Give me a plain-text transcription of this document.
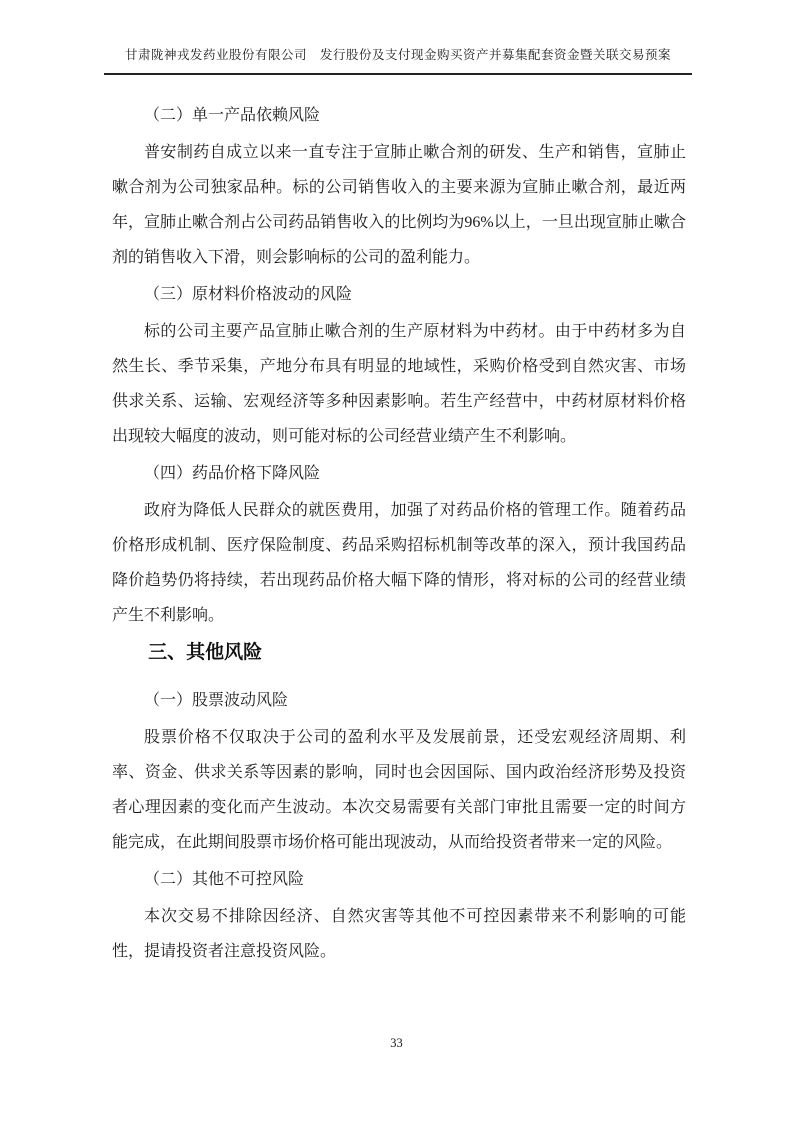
甘肃陇神戎发药业股份有限公司　发行股份及支付现金购买资产并募集配套资金暨关联交易预案
（二）单一产品依赖风险
普安制药自成立以来一直专注于宣肺止嗽合剂的研发、生产和销售，宣肺止嗽合剂为公司独家品种。标的公司销售收入的主要来源为宣肺止嗽合剂，最近两年，宣肺止嗽合剂占公司药品销售收入的比例均为96%以上，一旦出现宣肺止嗽合剂的销售收入下滑，则会影响标的公司的盈利能力。
（三）原材料价格波动的风险
标的公司主要产品宣肺止嗽合剂的生产原材料为中药材。由于中药材多为自然生长、季节采集，产地分布具有明显的地域性，采购价格受到自然灾害、市场供求关系、运输、宏观经济等多种因素影响。若生产经营中，中药材原材料价格出现较大幅度的波动，则可能对标的公司经营业绩产生不利影响。
（四）药品价格下降风险
政府为降低人民群众的就医费用，加强了对药品价格的管理工作。随着药品价格形成机制、医疗保险制度、药品采购招标机制等改革的深入，预计我国药品降价趋势仍将持续，若出现药品价格大幅下降的情形，将对标的公司的经营业绩产生不利影响。
三、其他风险
（一）股票波动风险
股票价格不仅取决于公司的盈利水平及发展前景，还受宏观经济周期、利率、资金、供求关系等因素的影响，同时也会因国际、国内政治经济形势及投资者心理因素的变化而产生波动。本次交易需要有关部门审批且需要一定的时间方能完成，在此期间股票市场价格可能出现波动，从而给投资者带来一定的风险。
（二）其他不可控风险
本次交易不排除因经济、自然灾害等其他不可控因素带来不利影响的可能性，提请投资者注意投资风险。
33
